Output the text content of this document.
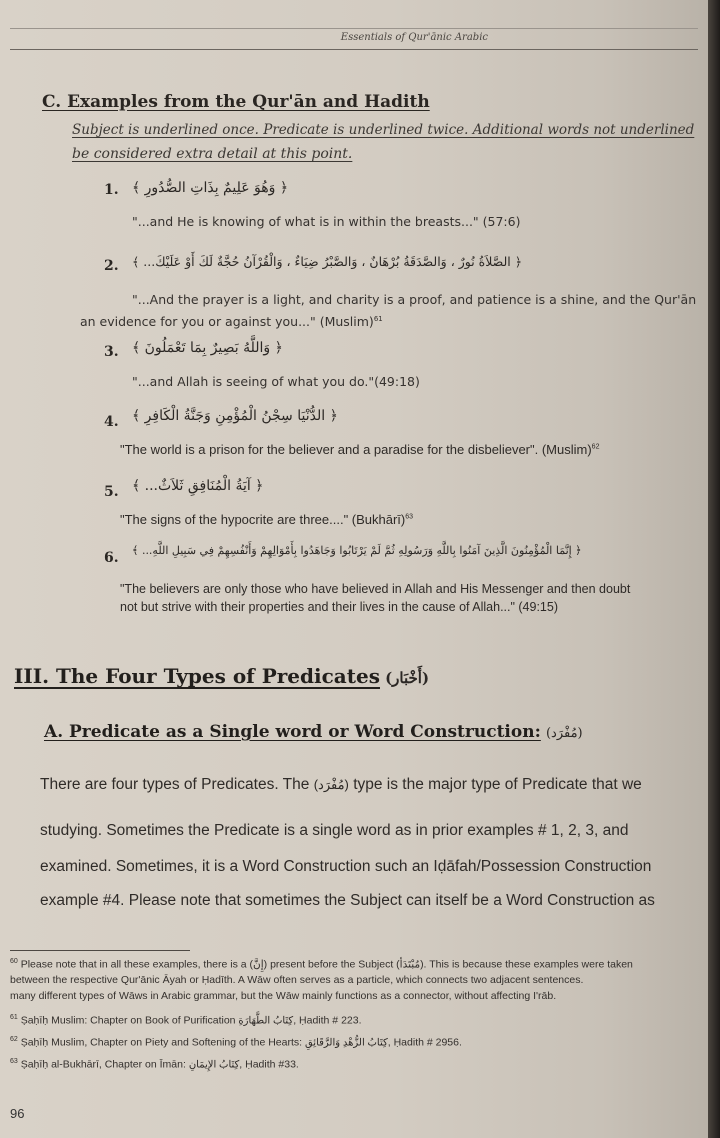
Essentials of Qur'ānic Arabic
C. Examples from the Qur'ān and Hadith
Subject is underlined once. Predicate is underlined twice. Additional words not underlined
be considered extra detail at this point.
1. ﴿ وَهُوَ عَلِيمٌ بِذَاتِ الصُّدُورِ ﴾
"...and He is knowing of what is in within the breasts..." (57:6)
2. ﴿ الصَّلاَةُ نُورٌ ، وَالصَّدَقَةُ بُرْهَانٌ ، وَالصَّبْرُ ضِيَاءٌ ، وَالْقُرْآنُ حُجَّةٌ لَكَ أَوْ عَلَيْكَ... ﴾
"...And the prayer is a light, and charity is a proof, and patience is a shine, and the Qur'ān
an evidence for you or against you..." $(Muslim)^{61}$
3. ﴿ وَاللَّهُ بَصِيرٌ بِمَا تَعْمَلُونَ ﴾
"...and Allah is seeing of what you do."(49:18)
4. ﴿ الدُّنْيَا سِجْنُ الْمُؤْمِنِ وَجَنَّةُ الْكَافِرِ ﴾
"The world is a prison for the believer and a paradise for the disbeliever". $(Muslim)^{62}$
5. ﴿ آيَةُ الْمُنَافِقِ ثَلاَثٌ... ﴾
"The signs of the hypocrite are three...." (Bukhārī)$^{63}$
6. ﴿ إِنَّمَا الْمُؤْمِنُونَ الَّذِينَ آمَنُوا بِاللَّهِ وَرَسُولِهِ ثُمَّ لَمْ يَرْتَابُوا وَجَاهَدُوا بِأَمْوَالِهِمْ وَأَنْفُسِهِمْ فِي سَبِيلِ اللَّهِ... ﴾
"The believers are only those who have believed in Allah and His Messenger and then doubt
not but strive with their properties and their lives in the cause of Allah..." (49:15)
III. The Four Types of Predicates (أَخْبَار)
A. Predicate as a Single word or Word Construction: (مُفْرَد)
There are four types of Predicates. The (مُفْرَد) type is the major type of Predicate that we
studying. Sometimes the Predicate is a single word as in prior examples # 1, 2, 3, and
examined. Sometimes, it is a Word Construction such an Iḍāfah/Possession Construction
example #4. Please note that sometimes the Subject can itself be a Word Construction as
$^{60}$ Please note that in all these examples, there is a (إِنَّ) present before the Subject (مُبْتَدَأ). This is because these examples were taken
between the respective Qur'ānic Āyah or Ḥadīth. A Wāw often serves as a particle, which connects two adjacent sentences.
many different types of Wāws in Arabic grammar, but the Wāw mainly functions as a connector, without affecting I'rāb.
$^{61}$ Ṣaḥīḥ Muslim: Chapter on Book of Purification كِتَابُ الطَّهَارَةِ, Ḥadith # 223.
$^{62}$ Ṣaḥīḥ Muslim, Chapter on Piety and Softening of the Hearts: كِتَابُ الزُّهْدِ وَالرَّقَائِقِ, Ḥadith # 2956.
$^{63}$ Ṣaḥīḥ al-Bukhārī, Chapter on Īmān: كِتَابُ الإِيمَانِ, Ḥadith #33.
96
